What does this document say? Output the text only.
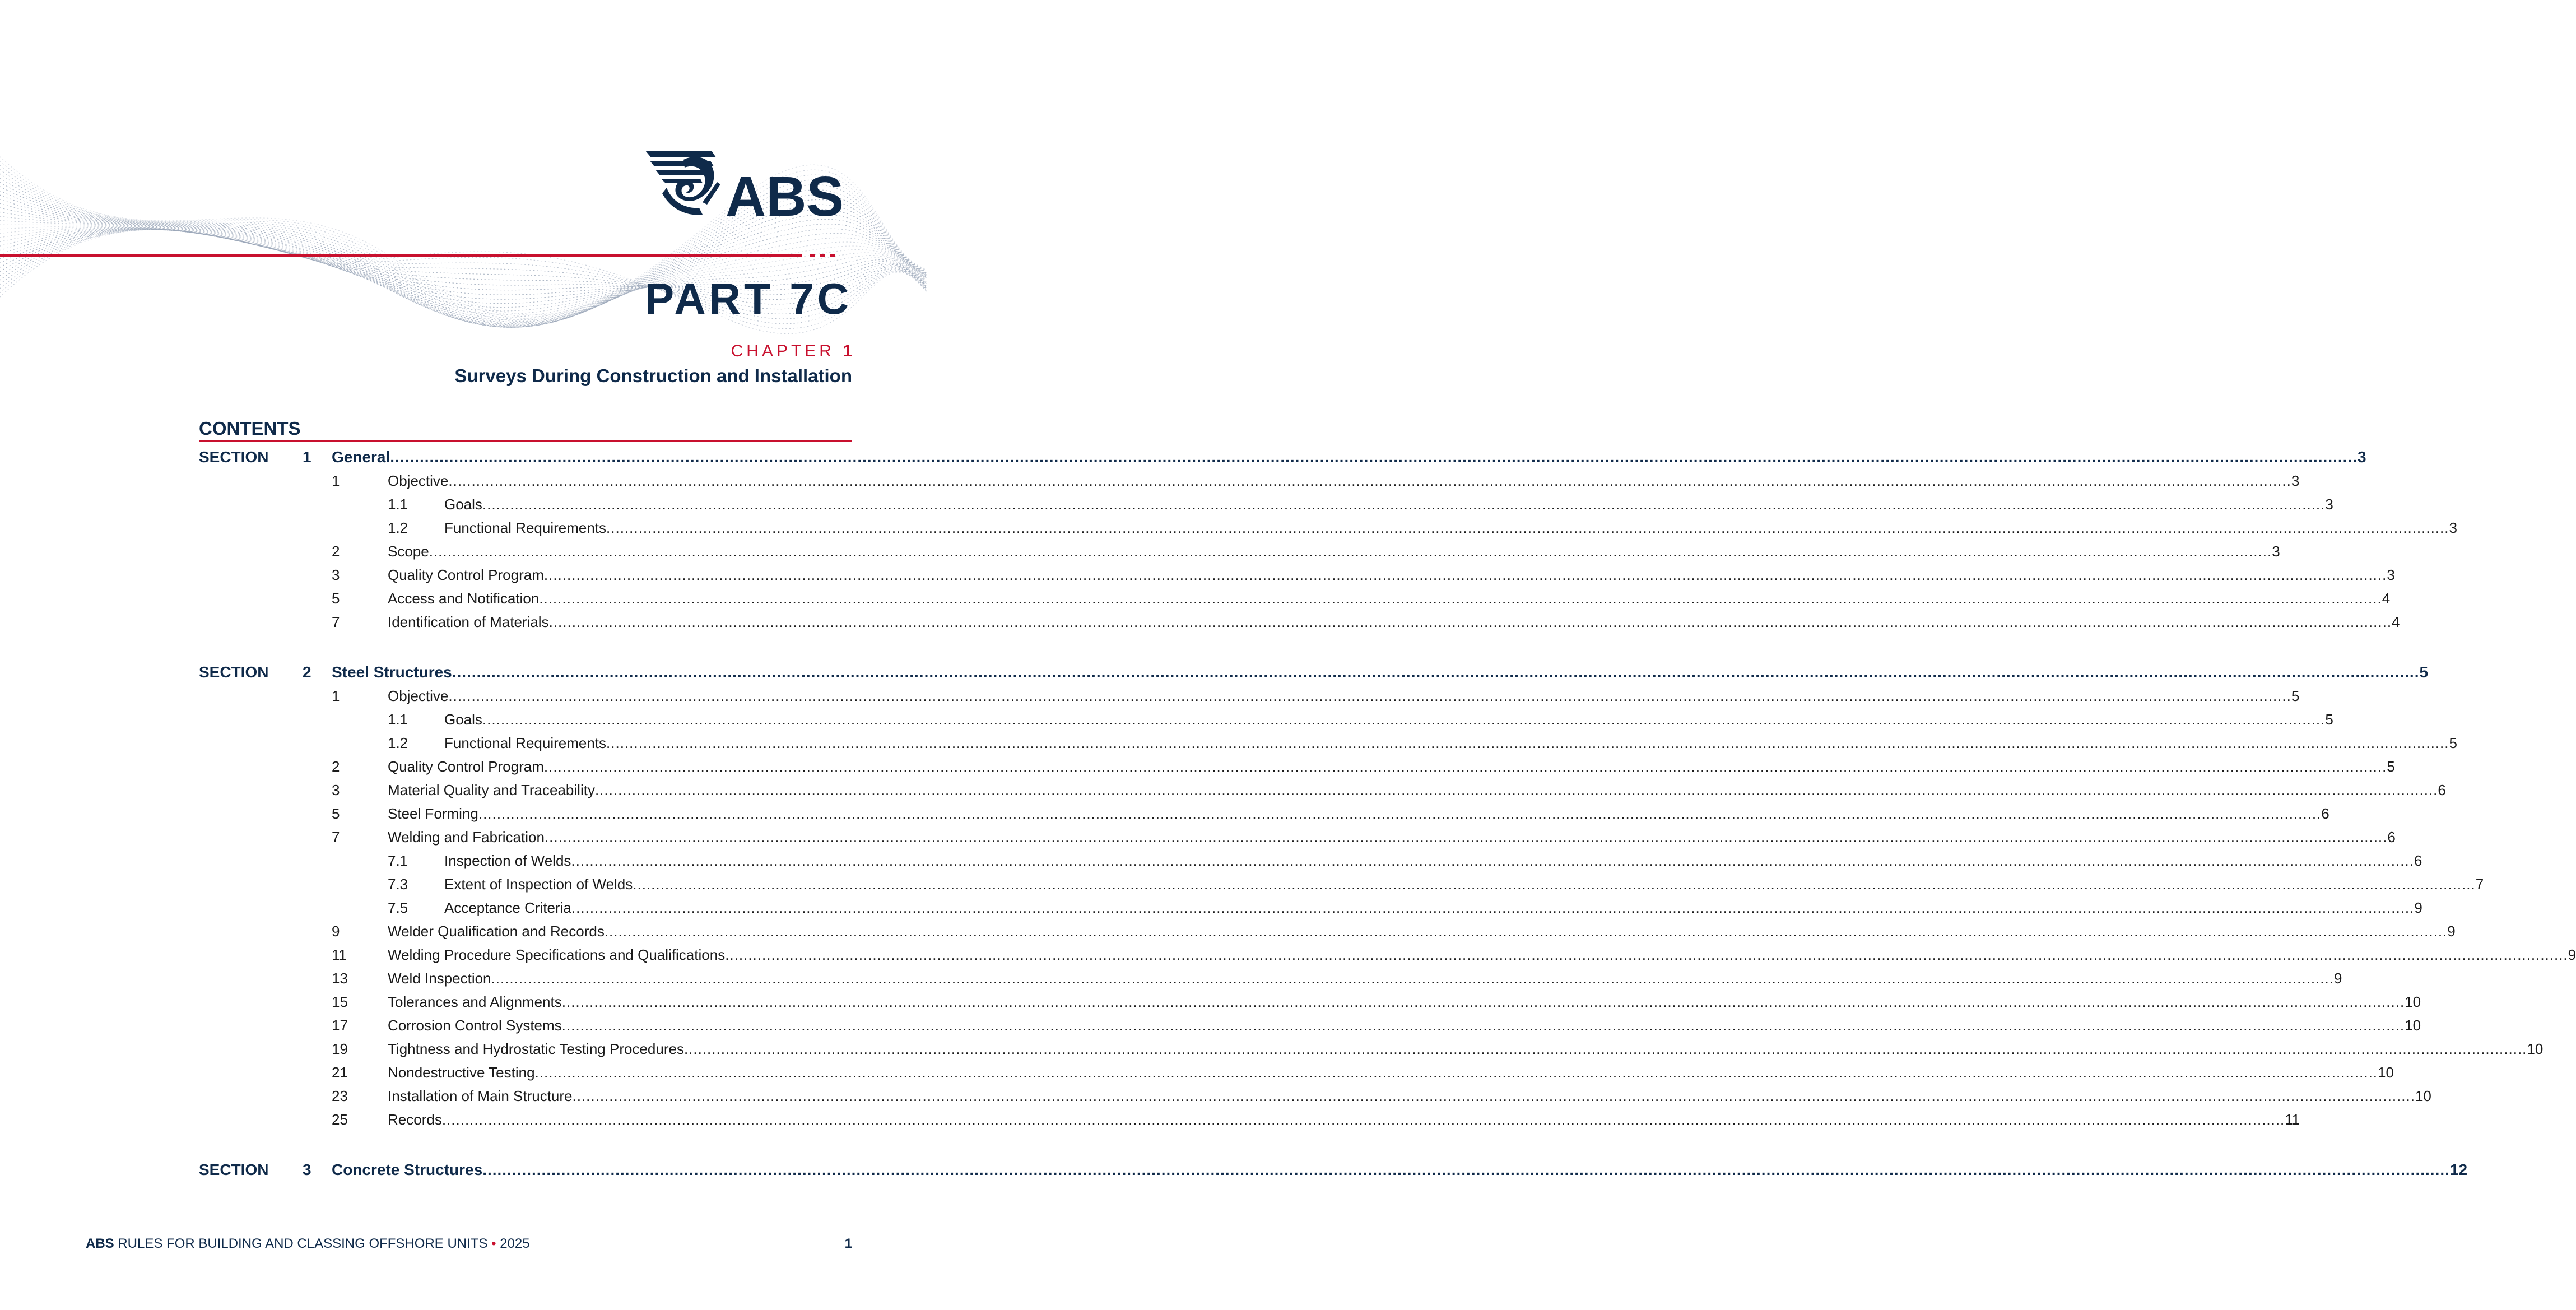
ABS
PART 7C
CHAPTER 1
Surveys During Construction and Installation
CONTENTS
SECTION 1 General ................................................................................................................................................................................................................................................................................................................................................................................................................ 3
1	Objective ................................................................................................................................................................................................................................................................................................................................................................................................................ 3
1.1 Goals ................................................................................................................................................................................................................................................................................................................................................................................................................ 3
1.2 Functional Requirements ................................................................................................................................................................................................................................................................................................................................................................................................................ 3
2	Scope ................................................................................................................................................................................................................................................................................................................................................................................................................ 3
3	Quality Control Program ................................................................................................................................................................................................................................................................................................................................................................................................................ 3
5	Access and Notification ................................................................................................................................................................................................................................................................................................................................................................................................................ 4
7	Identification of Materials ................................................................................................................................................................................................................................................................................................................................................................................................................ 4
SECTION 2 Steel Structures ................................................................................................................................................................................................................................................................................................................................................................................................................ 5
1	Objective ................................................................................................................................................................................................................................................................................................................................................................................................................ 5
1.1 Goals ................................................................................................................................................................................................................................................................................................................................................................................................................ 5
1.2 Functional Requirements ................................................................................................................................................................................................................................................................................................................................................................................................................ 5
2	Quality Control Program ................................................................................................................................................................................................................................................................................................................................................................................................................ 5
3	Material Quality and Traceability ................................................................................................................................................................................................................................................................................................................................................................................................................ 6
5	Steel Forming ................................................................................................................................................................................................................................................................................................................................................................................................................ 6
7	Welding and Fabrication ................................................................................................................................................................................................................................................................................................................................................................................................................ 6
7.1 Inspection of Welds ................................................................................................................................................................................................................................................................................................................................................................................................................ 6
7.3 Extent of Inspection of Welds ................................................................................................................................................................................................................................................................................................................................................................................................................ 7
7.5 Acceptance Criteria ................................................................................................................................................................................................................................................................................................................................................................................................................ 9
9	Welder Qualification and Records ................................................................................................................................................................................................................................................................................................................................................................................................................ 9
11	Welding Procedure Specifications and Qualifications ................................................................................................................................................................................................................................................................................................................................................................................................................ 9
13	Weld Inspection ................................................................................................................................................................................................................................................................................................................................................................................................................ 9
15	Tolerances and Alignments ................................................................................................................................................................................................................................................................................................................................................................................................................ 10
17	Corrosion Control Systems ................................................................................................................................................................................................................................................................................................................................................................................................................ 10
19	Tightness and Hydrostatic Testing Procedures ................................................................................................................................................................................................................................................................................................................................................................................................................ 10
21	Nondestructive Testing ................................................................................................................................................................................................................................................................................................................................................................................................................ 10
23	Installation of Main Structure ................................................................................................................................................................................................................................................................................................................................................................................................................ 10
25	Records ................................................................................................................................................................................................................................................................................................................................................................................................................ 11
SECTION 3 Concrete Structures ................................................................................................................................................................................................................................................................................................................................................................................................................ 12
ABS RULES FOR BUILDING AND CLASSING OFFSHORE UNITS • 2025	1
